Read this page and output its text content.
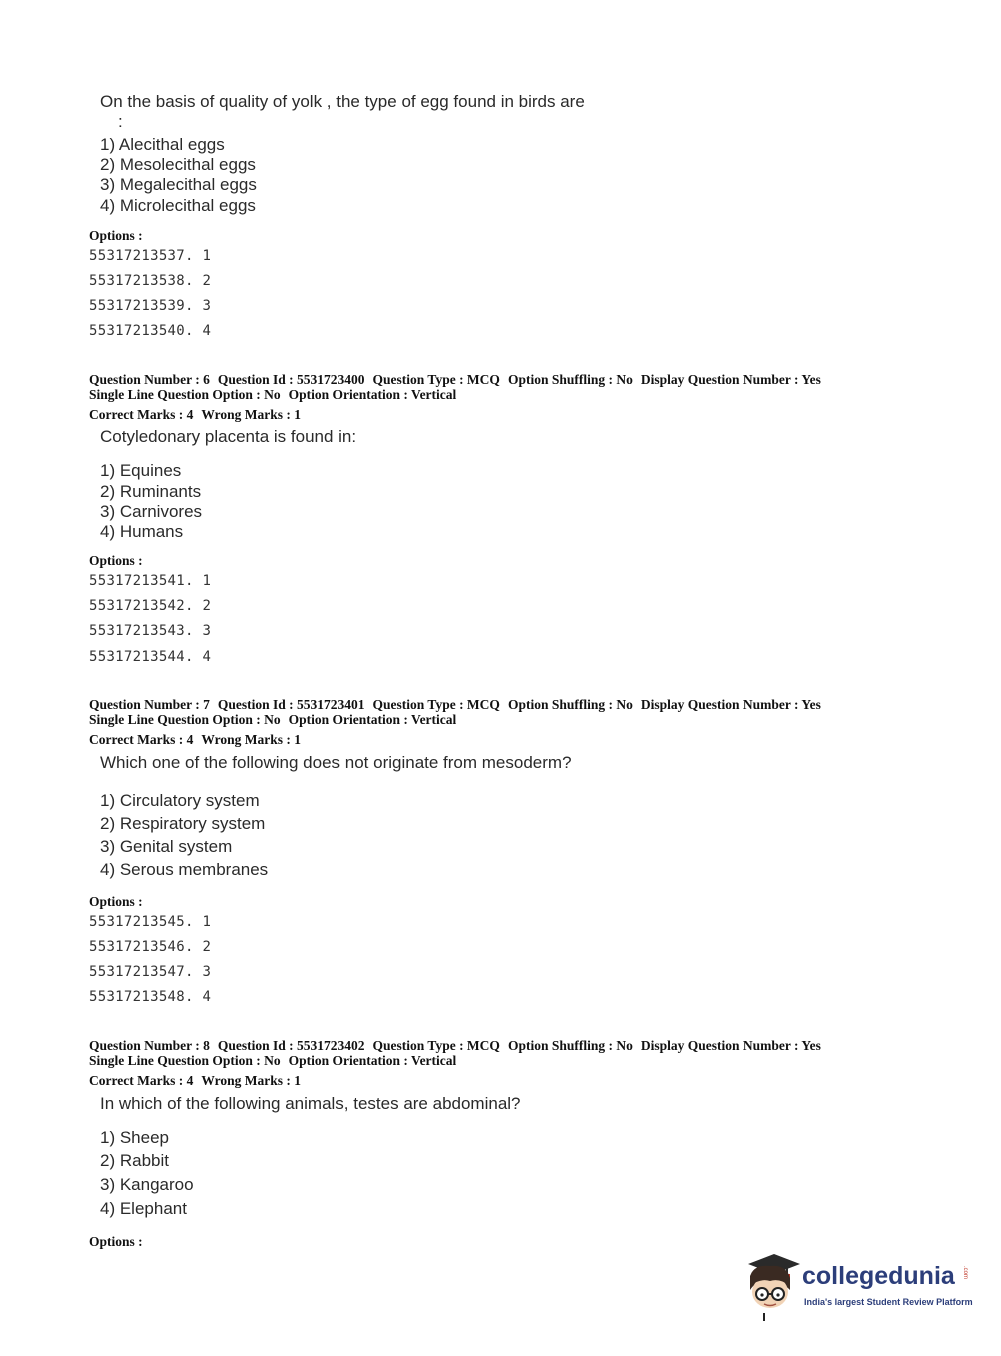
On the basis of quality of yolk , the type of egg found in birds are
:
1) Alecithal eggs
2) Mesolecithal eggs
3) Megalecithal eggs
4) Microlecithal eggs
Options :
55317213537. 1
55317213538. 2
55317213539. 3
55317213540. 4
Question Number : 6 Question Id : 5531723400 Question Type : MCQ Option Shuffling : No Display Question Number : Yes
Single Line Question Option : No Option Orientation : Vertical
Correct Marks : 4 Wrong Marks : 1
Cotyledonary placenta is found in:
1) Equines
2) Ruminants
3) Carnivores
4) Humans
Options :
55317213541. 1
55317213542. 2
55317213543. 3
55317213544. 4
Question Number : 7 Question Id : 5531723401 Question Type : MCQ Option Shuffling : No Display Question Number : Yes
Single Line Question Option : No Option Orientation : Vertical
Correct Marks : 4 Wrong Marks : 1
Which one of the following does not originate from mesoderm?
1) Circulatory system
2) Respiratory system
3) Genital system
4) Serous membranes
Options :
55317213545. 1
55317213546. 2
55317213547. 3
55317213548. 4
Question Number : 8 Question Id : 5531723402 Question Type : MCQ Option Shuffling : No Display Question Number : Yes
Single Line Question Option : No Option Orientation : Vertical
Correct Marks : 4 Wrong Marks : 1
In which of the following animals, testes are abdominal?
1) Sheep
2) Rabbit
3) Kangaroo
4) Elephant
Options :
collegedunia .com
India's largest Student Review Platform
